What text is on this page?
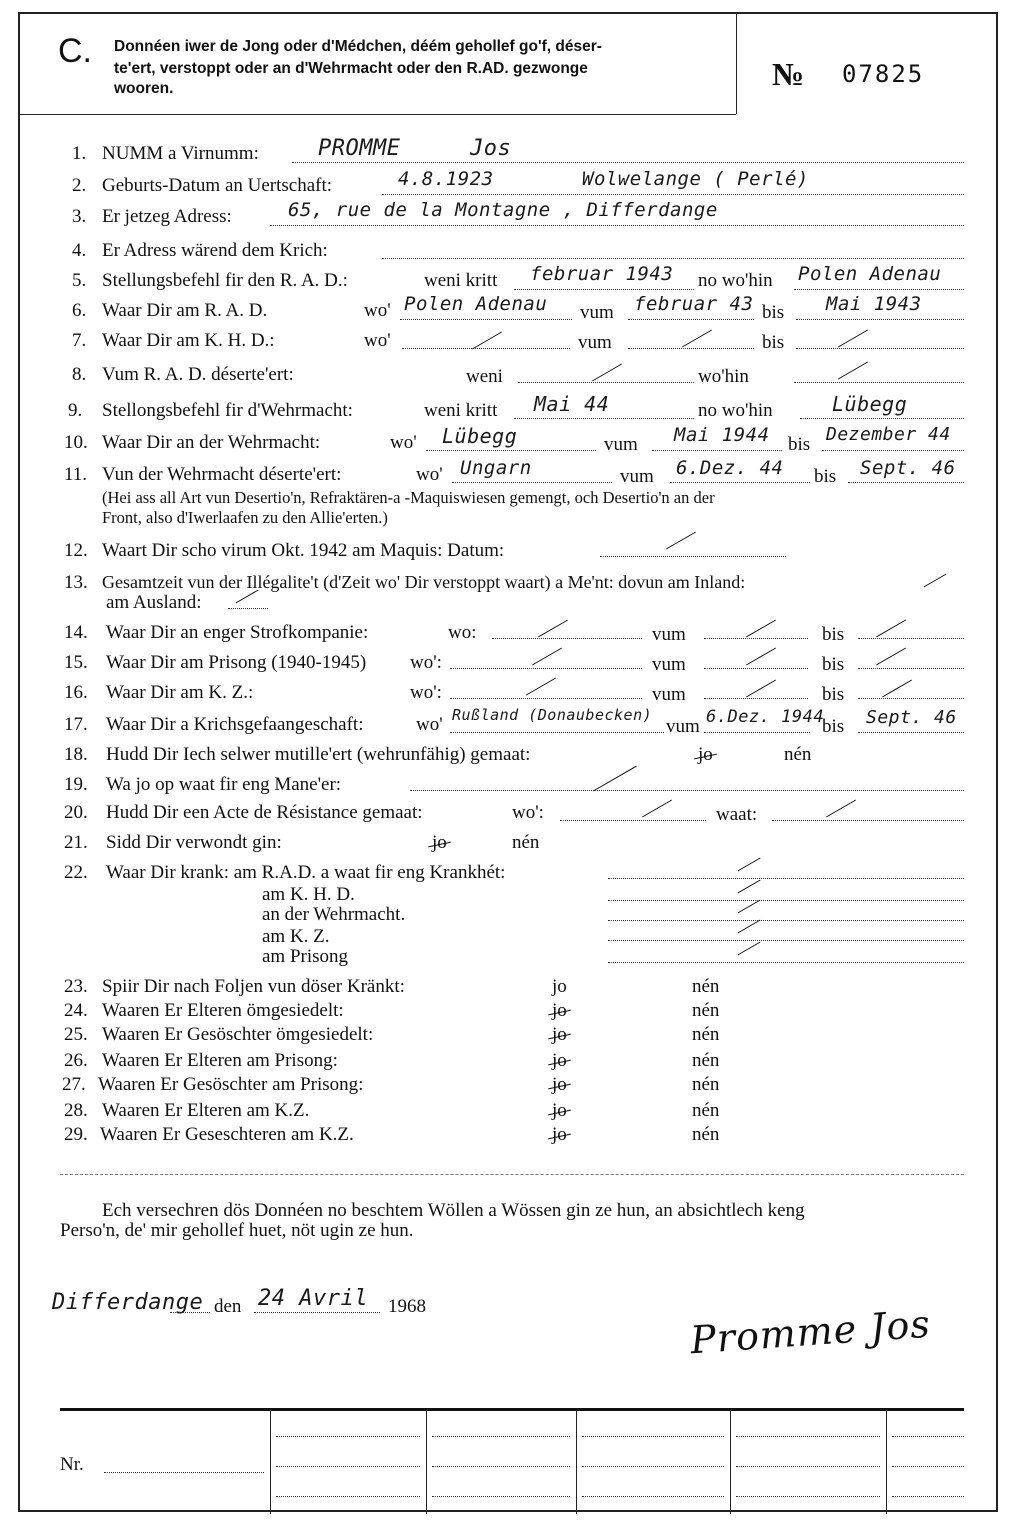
C. Donnéen iwer de Jong oder d'Médchen, déém gehollef go'f, déser-
te'ert, verstoppt oder an d'Wehrmacht oder den R.AD. gezwonge
wooren.	№ 07825
1. NUMM a Virnumm:	PROMME	Jos
2. Geburts-Datum an Uertschaft:	4.8.1923	Wolwelange ( Perlé)
3. Er jetzeg Adress:	65, rue de la Montagne , Differdange
4. Er Adress wärend dem Krich:
5. Stellungsbefehl fir den R. A. D.:	weni kritt februar 1943 no wo'hin Polen Adenau
6. Waar Dir am R. A. D.	wo' Polen Adenau vum februar 43 bis Mai 1943
7. Waar Dir am K. H. D.:	wo'	vum	bis
8. Vum R. A. D. déserte'ert:	weni	wo'hin
9. Stellongsbefehl fir d'Wehrmacht:	weni kritt Mai 44	no wo'hin	Lübegg
10. Waar Dir an der Wehrmacht:	wo' Lübegg	vum Mai 1944 bis Dezember 44
11. Vun der Wehrmacht déserte'ert:	wo' Ungarn	vum 6.Dez. 44 bis Sept. 46
(Hei ass all Art vun Desertio'n, Refraktären-a -Maquiswiesen gemengt, och Desertio'n an der
Front, also d'Iwerlaafen zu den Allie'erten.)
12. Waart Dir scho virum Okt. 1942 am Maquis: Datum:
13. Gesamtzeit vun der Illégalite't (d'Zeit wo' Dir verstoppt waart) a Me'nt: dovun am Inland:
am Ausland:
14. Waar Dir an enger Strofkompanie:	wo:	vum	bis
15. Waar Dir am Prisong (1940-1945) wo':	vum	bis
16. Waar Dir am K. Z.:	wo':	vum	bis
17. Waar Dir a Krichsgefaangeschaft:	wo' Rußland (Donaubecken)
vum 6.Dez. 1944
bis Sept. 46
18. Hudd Dir Iech selwer mutille'ert (wehrunfähig) gemaat:	jo	nén
19. Wa jo op waat fir eng Mane'er:
20. Hudd Dir een Acte de Résistance gemaat:	wo':	waat:
21. Sidd Dir verwondt gin:	jo	nén
22. Waar Dir krank: am R.A.D. a waat fir eng Krankhét:
am K. H. D.
an der Wehrmacht.
am K. Z.
am Prisong
23. Spiir Dir nach Foljen vun döser Kränkt:	jo	nén
24. Waaren Er Elteren ömgesiedelt:	jo	nén
25. Waaren Er Gesöschter ömgesiedelt:	jo	nén
26. Waaren Er Elteren am Prisong:	jo	nén
27. Waaren Er Gesöschter am Prisong:	jo	nén
28. Waaren Er Elteren am K.Z.	jo	nén
29. Waaren Er Geseschteren am K.Z.	jo	nén
Ech versechren dös Donnéen no beschtem Wöllen a Wössen gin ze hun, an absichtlech keng
Perso'n, de' mir gehollef huet, nöt ugin ze hun.
Differdange den 24 Avril 1968	Promme Jos
Nr.
